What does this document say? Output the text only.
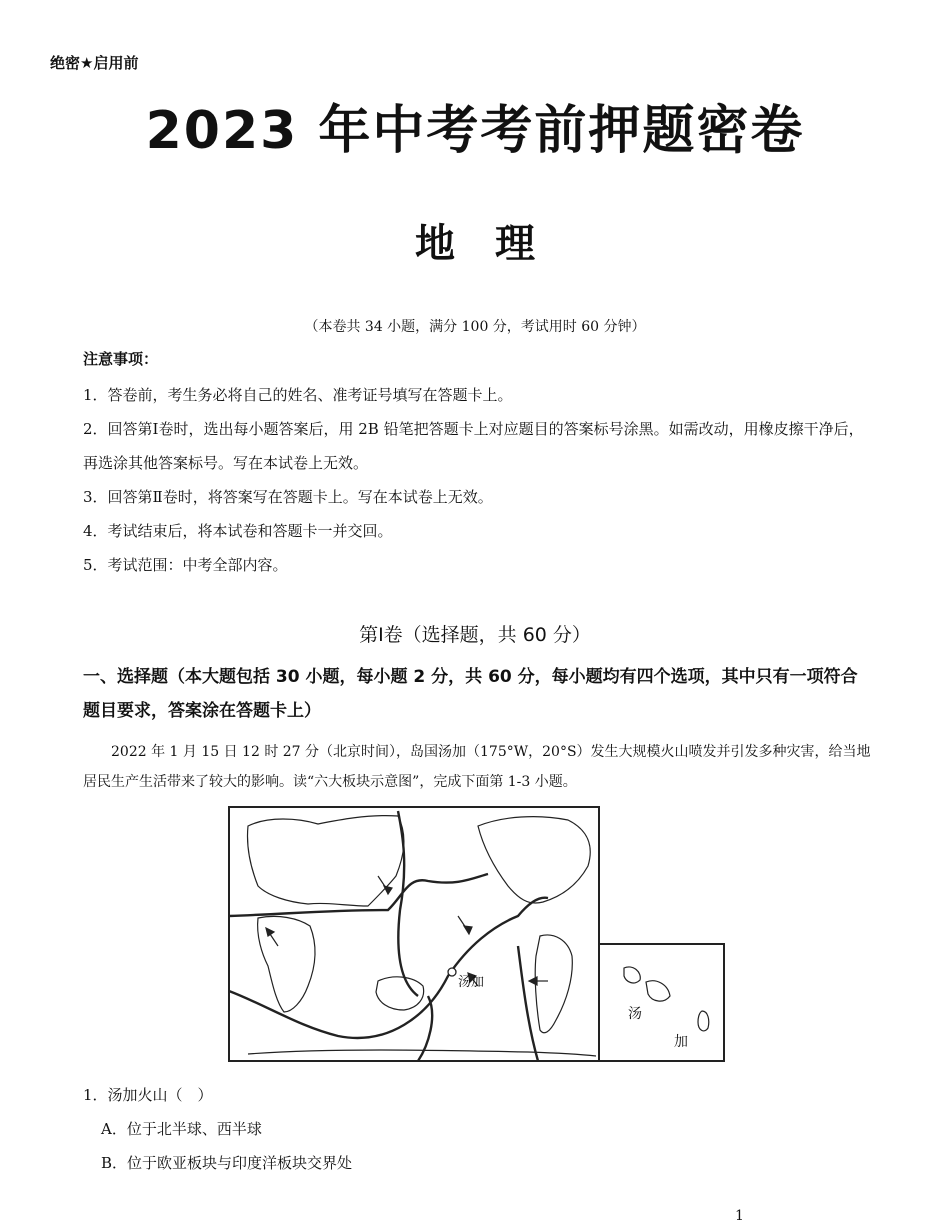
绝密★启用前
2023 年中考考前押题密卷
地理
（本卷共 34 小题，满分 100 分，考试用时 60 分钟）
注意事项：
1．答卷前，考生务必将自己的姓名、准考证号填写在答题卡上。
2．回答第Ⅰ卷时，选出每小题答案后，用 2B 铅笔把答题卡上对应题目的答案标号涂黑。如需改动，用橡皮擦干净后，再选涂其他答案标号。写在本试卷上无效。
3．回答第Ⅱ卷时，将答案写在答题卡上。写在本试卷上无效。
4．考试结束后，将本试卷和答题卡一并交回。
5．考试范围：中考全部内容。
第Ⅰ卷（选择题，共 60 分）
一、选择题（本大题包括 30 小题，每小题 2 分，共 60 分，每小题均有四个选项，其中只有一项符合题目要求，答案涂在答题卡上）
2022 年 1 月 15 日 12 时 27 分（北京时间），岛国汤加（175°W，20°S）发生大规模火山喷发并引发多种灾害，给当地居民生产生活带来了较大的影响。读“六大板块示意图”，完成下面第 1-3 小题。
汤加
汤
加
1．汤加火山（　）
A．位于北半球、西半球
B．位于欧亚板块与印度洋板块交界处
1
